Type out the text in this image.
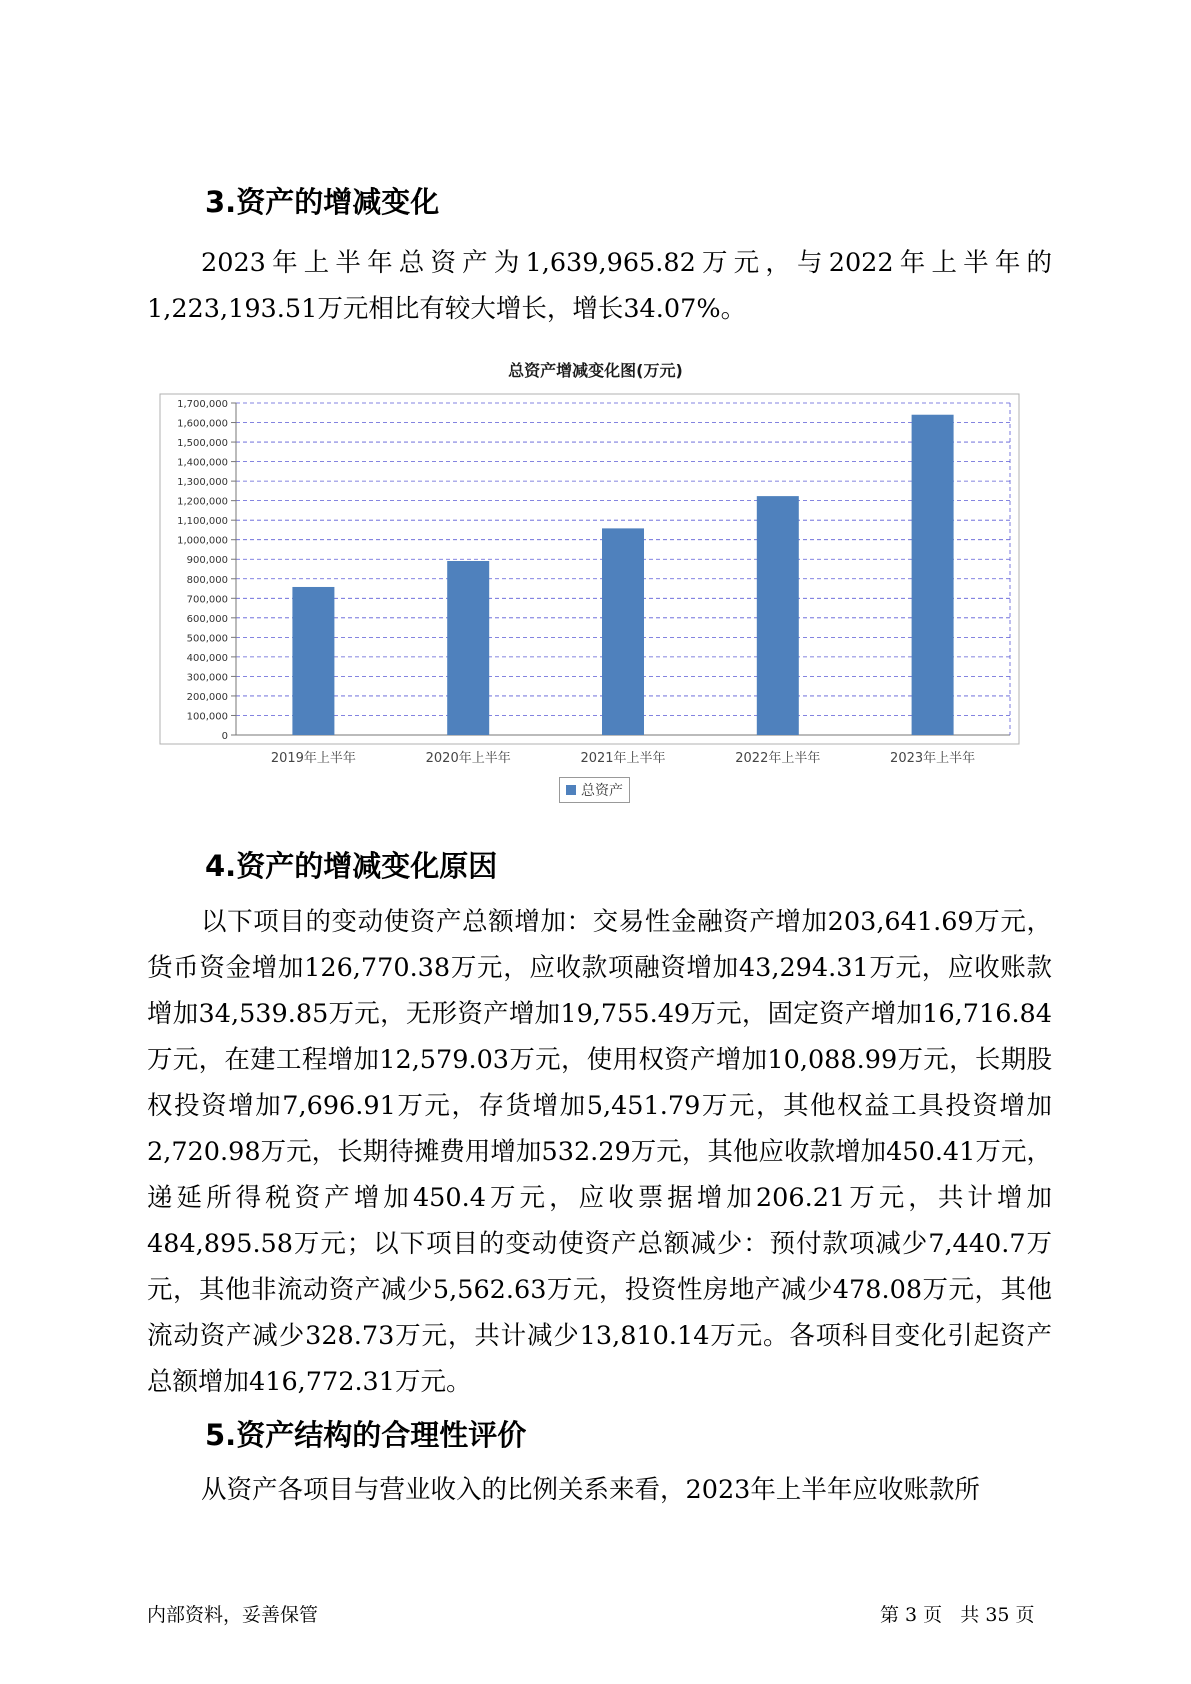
3.资产的增减变化

2023年上半年总资产为1,639,965.82万元，与2022年上半年的1,223,193.51万元相比有较大增长，增长34.07%。

总资产增减变化图(万元)
0
100,000
200,000
300,000
400,000
500,000
600,000
700,000
800,000
900,000
1,000,000
1,100,000
1,200,000
1,300,000
1,400,000
1,500,000
1,600,000
1,700,000
2019年上半年	2020年上半年	2021年上半年	2022年上半年	2023年上半年
总资产
4.资产的增减变化原因

以下项目的变动使资产总额增加：交易性金融资产增加203,641.69万元，货币资金增加126,770.38万元，应收款项融资增加43,294.31万元，应收账款增加34,539.85万元，无形资产增加19,755.49万元，固定资产增加16,716.84万元，在建工程增加12,579.03万元，使用权资产增加10,088.99万元，长期股权投资增加7,696.91万元，存货增加5,451.79万元，其他权益工具投资增加2,720.98万元，长期待摊费用增加532.29万元，其他应收款增加450.41万元，递延所得税资产增加450.4万元，应收票据增加206.21万元，共计增加484,895.58万元；以下项目的变动使资产总额减少：预付款项减少7,440.7万元，其他非流动资产减少5,562.63万元，投资性房地产减少478.08万元，其他流动资产减少328.73万元，共计减少13,810.14万元。各项科目变化引起资产总额增加416,772.31万元。

5.资产结构的合理性评价

从资产各项目与营业收入的比例关系来看，2023年上半年应收账款所

内部资料，妥善保管	第 3 页   共 35 页
